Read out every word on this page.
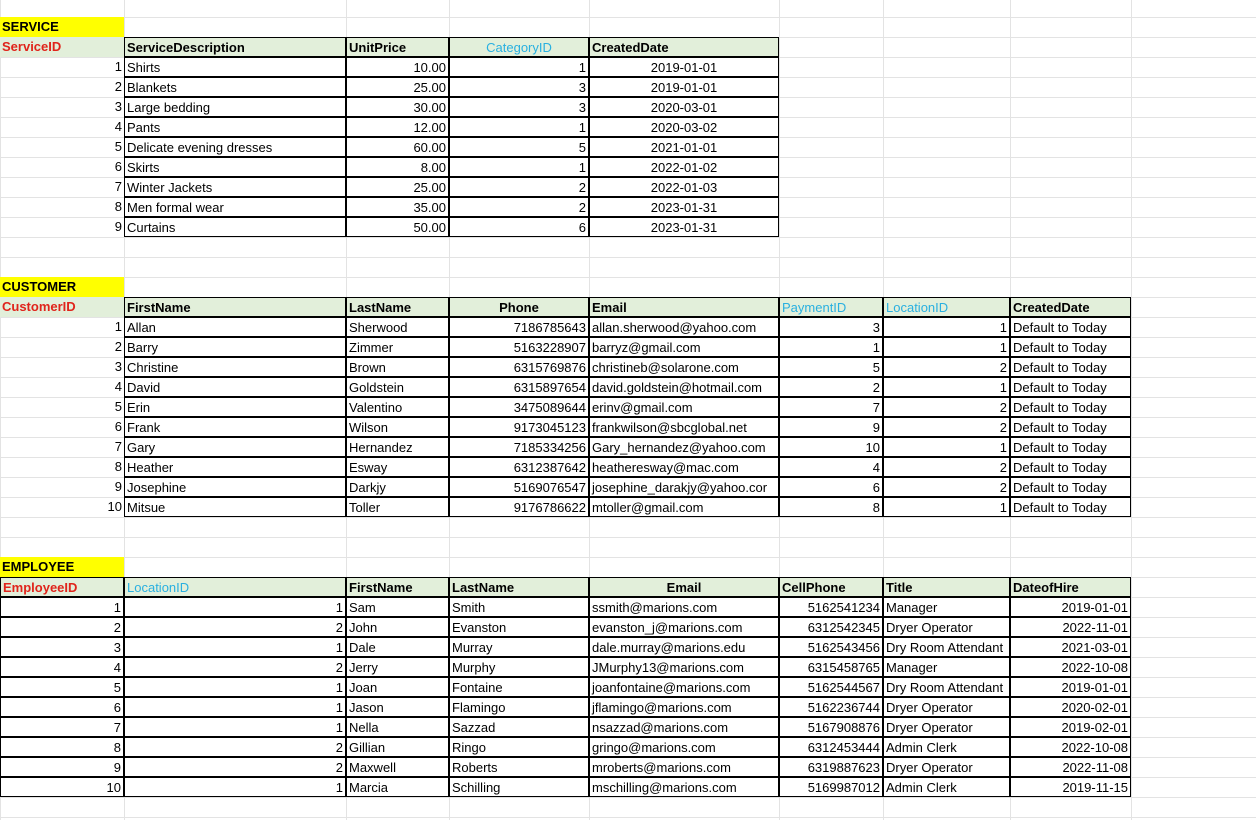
SERVICE
ServiceID	ServiceDescription	UnitPrice	CategoryID	CreatedDate
1 Shirts	10.00	1	2019-01-01
2 Blankets	25.00	3	2019-01-01
3 Large bedding	30.00	3	2020-03-01
4 Pants	12.00	1	2020-03-02
5 Delicate evening dresses	60.00	5	2021-01-01
6 Skirts	8.00	1	2022-01-02
7 Winter Jackets	25.00	2	2022-01-03
8 Men formal wear	35.00	2	2023-01-31
9 Curtains	50.00	6	2023-01-31
CUSTOMER
CustomerID	FirstName	LastName	Phone	Email	PaymentID	LocationID	CreatedDate
1 Allan	Sherwood	7186785643 allan.sherwood@yahoo.com	3	1 Default to Today
2 Barry	Zimmer	5163228907 barryz@gmail.com	1	1 Default to Today
3 Christine	Brown	6315769876 christineb@solarone.com	5	2 Default to Today
4 David	Goldstein	6315897654 david.goldstein@hotmail.com	2	1 Default to Today
5 Erin	Valentino	3475089644 erinv@gmail.com	7	2 Default to Today
6 Frank	Wilson	9173045123 frankwilson@sbcglobal.net	9	2 Default to Today
7 Gary	Hernandez	7185334256 Gary_hernandez@yahoo.com	10	1 Default to Today
8 Heather	Esway	6312387642 heatheresway@mac.com	4	2 Default to Today
9 Josephine	Darkjy	5169076547 josephine_darakjy@yahoo.cor	6	2 Default to Today
10 Mitsue	Toller	9176786622 mtoller@gmail.com	8	1 Default to Today
EMPLOYEE
EmployeeID	LocationID	FirstName	LastName	Email	CellPhone	Title	DateofHire
1	1 Sam	Smith	ssmith@marions.com	5162541234 Manager	2019-01-01
2	2 John	Evanston	evanston_j@marions.com	6312542345 Dryer Operator	2022-11-01
3	1 Dale	Murray	dale.murray@marions.edu	5162543456 Dry Room Attendant	2021-03-01
4	2 Jerry	Murphy	JMurphy13@marions.com	6315458765 Manager	2022-10-08
5	1 Joan	Fontaine	joanfontaine@marions.com	5162544567 Dry Room Attendant	2019-01-01
6	1 Jason	Flamingo	jflamingo@marions.com	5162236744 Dryer Operator	2020-02-01
7	1 Nella	Sazzad	nsazzad@marions.com	5167908876 Dryer Operator	2019-02-01
8	2 Gillian	Ringo	gringo@marions.com	6312453444 Admin Clerk	2022-10-08
9	2 Maxwell	Roberts	mroberts@marions.com	6319887623 Dryer Operator	2022-11-08
10	1 Marcia	Schilling	mschilling@marions.com	5169987012 Admin Clerk	2019-11-15
